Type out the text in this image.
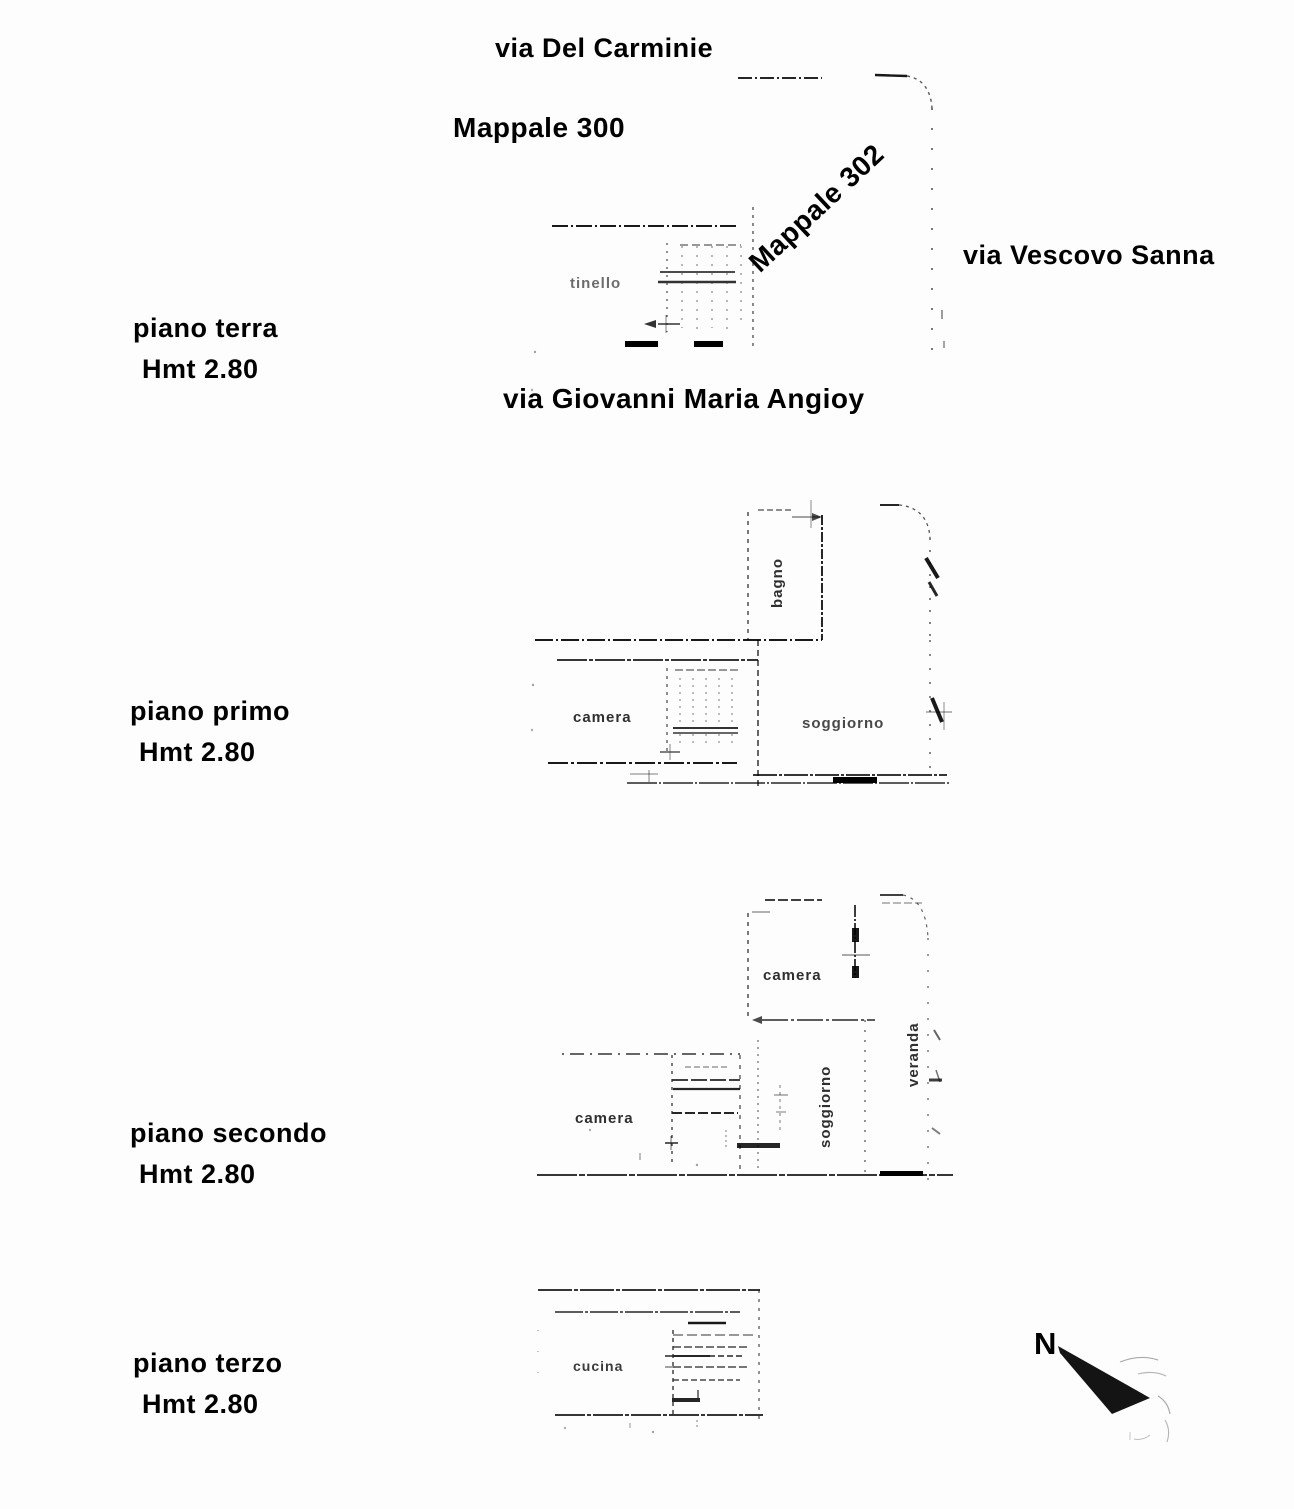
via Del Carminie
Mappale 300
Mappale 302	via Vescovo Sanna
via Giovanni Maria Angioy
piano terra
Hmt 2.80
piano primo
Hmt 2.80
piano secondo
Hmt 2.80
piano terzo
Hmt 2.80
tinello
bagno
camera	soggiorno
camera
camera	soggiorno
veranda
cucina
N
